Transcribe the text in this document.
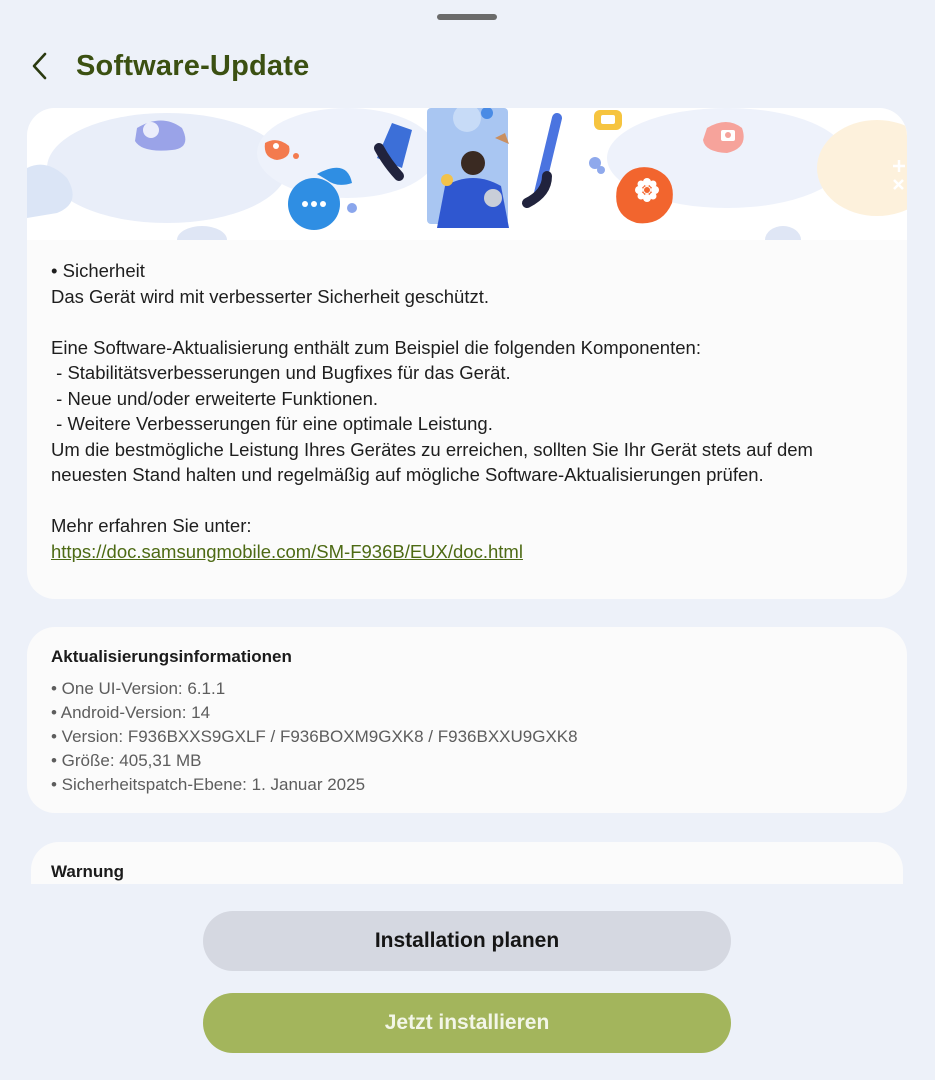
Software-Update

• Sicherheit

Das Gerät wird mit verbesserter Sicherheit geschützt.

Eine Software-Aktualisierung enthält zum Beispiel die folgenden Komponenten:

- Stabilitätsverbesserungen und Bugfixes für das Gerät.

- Neue und/oder erweiterte Funktionen.

- Weitere Verbesserungen für eine optimale Leistung.

Um die bestmögliche Leistung Ihres Gerätes zu erreichen, sollten Sie Ihr Gerät stets auf dem neuesten Stand halten und regelmäßig auf mögliche Software-Aktualisierungen prüfen.

Mehr erfahren Sie unter:

https://doc.samsungmobile.com/SM-F936B/EUX/doc.html

Aktualisierungsinformationen

• One UI-Version: 6.1.1
• Android-Version: 14
• Version: F936BXXS9GXLF / F936BOXM9GXK8 / F936BXXU9GXK8
• Größe: 405,31 MB
• Sicherheitspatch-Ebene: 1. Januar 2025

Warnung

Installation planen
Jetzt installieren
